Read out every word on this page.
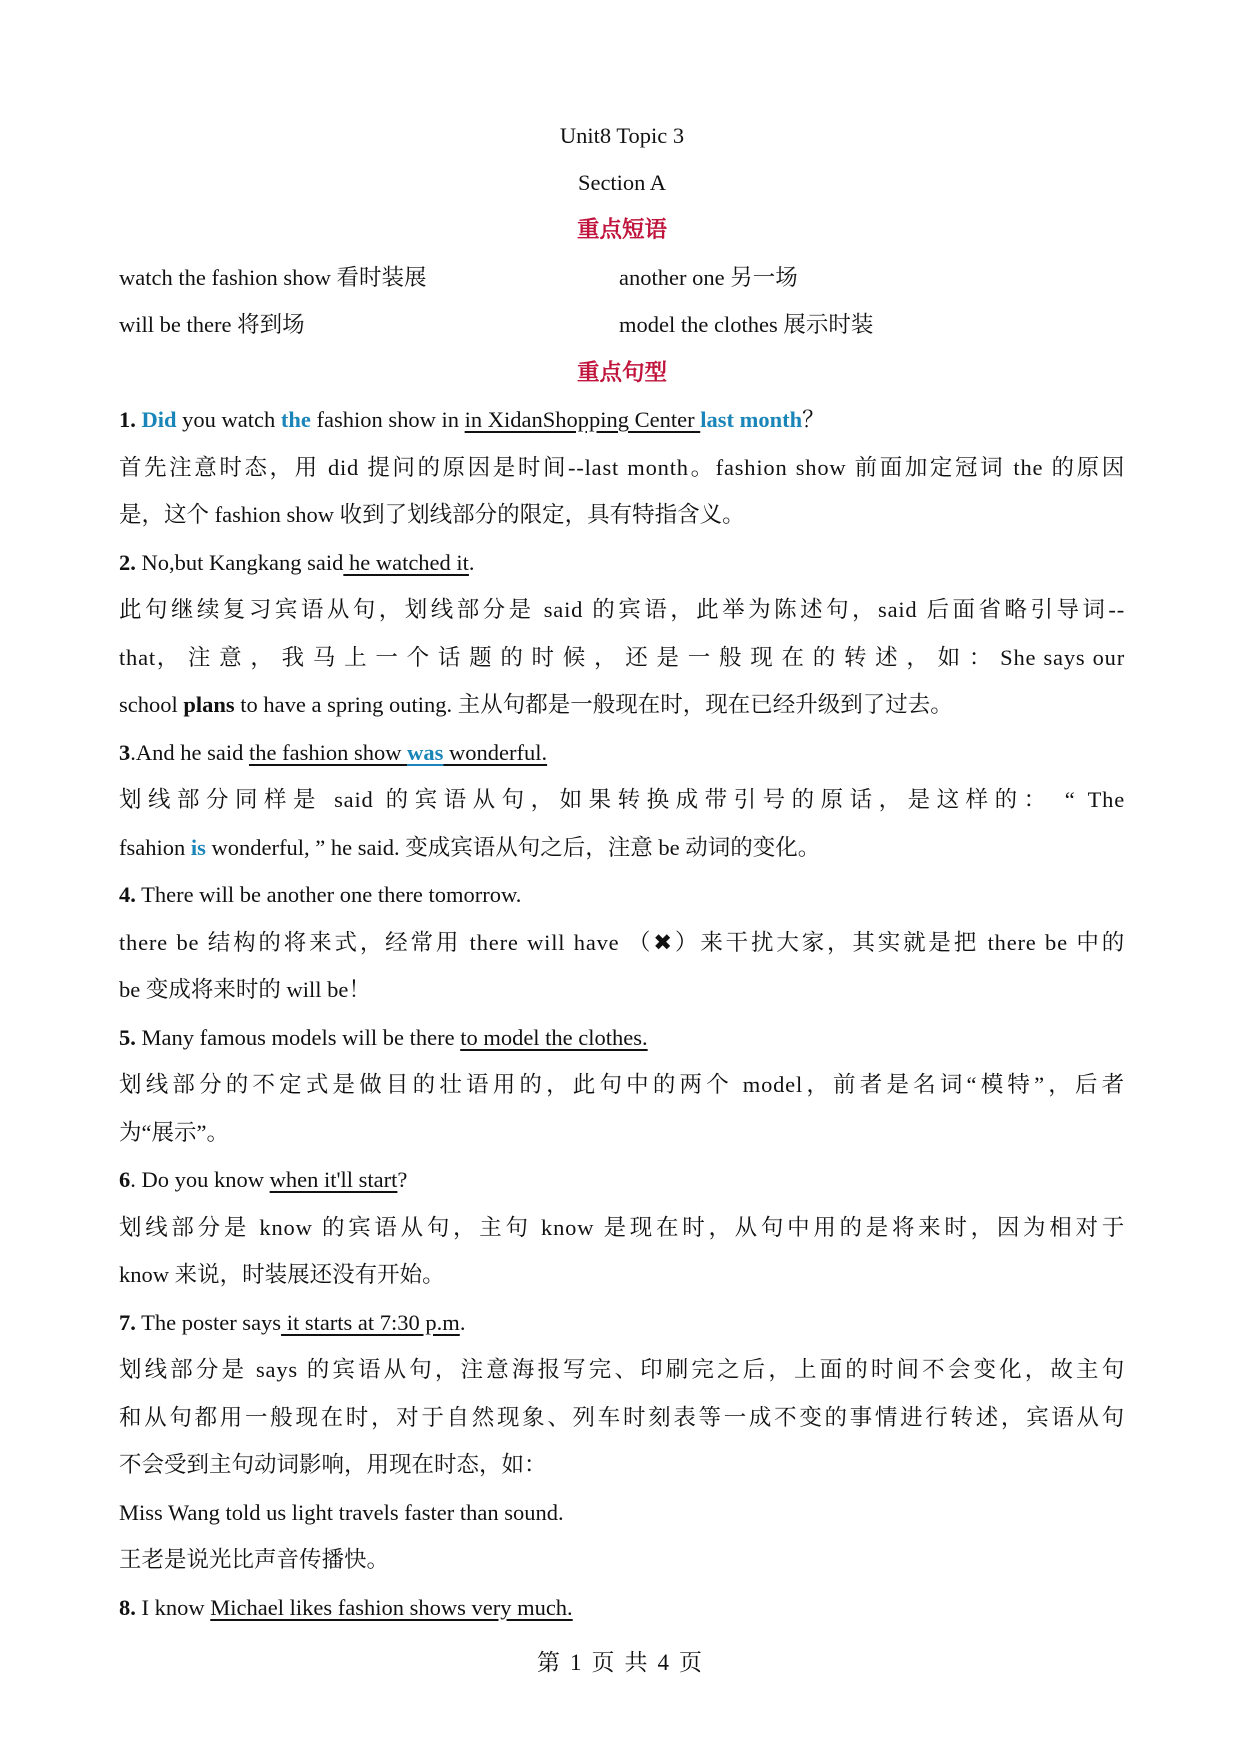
Unit8 Topic 3
Section A
重点短语
watch the fashion show 看时装展	another one 另一场
will be there 将到场	model the clothes 展示时装
重点句型
1. Did you watch the fashion show in in XidanShopping Center last month？
首先注意时态，用 did 提问的原因是时间--last month。fashion show 前面加定冠词 the 的原因
是，这个 fashion show 收到了划线部分的限定，具有特指含义。
2. No,but Kangkang said he watched it.
此句继续复习宾语从句，划线部分是 said 的宾语，此举为陈述句，said 后面省略引导词--
that， 注 意 ， 我 马 上 一 个 话 题 的 时 候 ， 还 是 一 般 现 在 的 转 述 ， 如 ： She says our
school plans to have a spring outing. 主从句都是一般现在时，现在已经升级到了过去。
3.And he said the fashion show was wonderful.
划线部分同样是 said 的宾语从句，如果转换成带引号的原话，是这样的： “ The
fsahion is wonderful, ” he said. 变成宾语从句之后，注意 be 动词的变化。
4. There will be another one there tomorrow.
there be 结构的将来式，经常用 there will have （✖）来干扰大家，其实就是把 there be 中的
be 变成将来时的 will be！
5. Many famous models will be there to model the clothes.
划线部分的不定式是做目的壮语用的，此句中的两个 model，前者是名词“模特”，后者
为“展示”。
6. Do you know when it'll start?
划线部分是 know 的宾语从句，主句 know 是现在时，从句中用的是将来时，因为相对于
know 来说，时装展还没有开始。
7. The poster says it starts at 7:30 p.m.
划线部分是 says 的宾语从句，注意海报写完、印刷完之后，上面的时间不会变化，故主句
和从句都用一般现在时，对于自然现象、列车时刻表等一成不变的事情进行转述，宾语从句
不会受到主句动词影响，用现在时态，如：
Miss Wang told us light travels faster than sound.
王老是说光比声音传播快。
8. I know Michael likes fashion shows very much.
第 1 页 共 4 页
